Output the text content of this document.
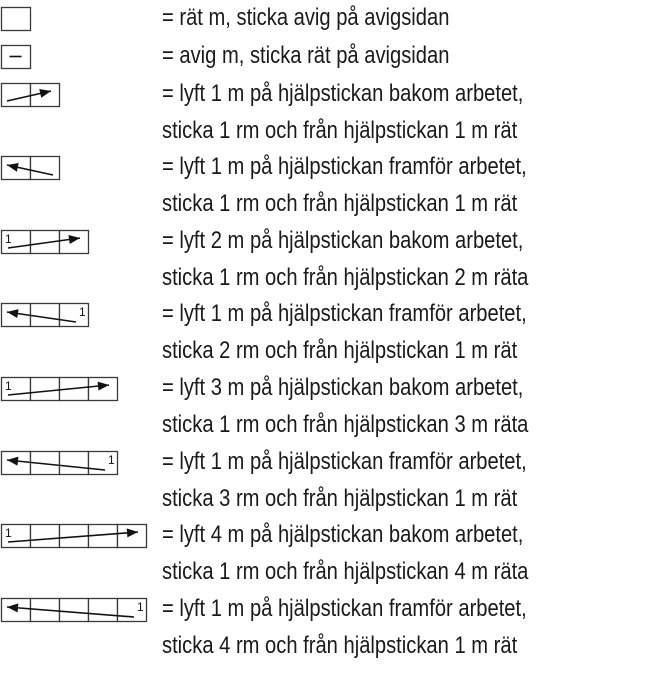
1
1
1
1
1
1
= rät m, sticka avig på avigsidan
= avig m, sticka rät på avigsidan
= lyft 1 m på hjälpstickan bakom arbetet,
sticka 1 rm och från hjälpstickan 1 m rät
= lyft 1 m på hjälpstickan framför arbetet,
sticka 1 rm och från hjälpstickan 1 m rät
= lyft 2 m på hjälpstickan bakom arbetet,
sticka 1 rm och från hjälpstickan 2 m räta
= lyft 1 m på hjälpstickan framför arbetet,
sticka 2 rm och från hjälpstickan 1 m rät
= lyft 3 m på hjälpstickan bakom arbetet,
sticka 1 rm och från hjälpstickan 3 m räta
= lyft 1 m på hjälpstickan framför arbetet,
sticka 3 rm och från hjälpstickan 1 m rät
= lyft 4 m på hjälpstickan bakom arbetet,
sticka 1 rm och från hjälpstickan 4 m räta
= lyft 1 m på hjälpstickan framför arbetet,
sticka 4 rm och från hjälpstickan 1 m rät
